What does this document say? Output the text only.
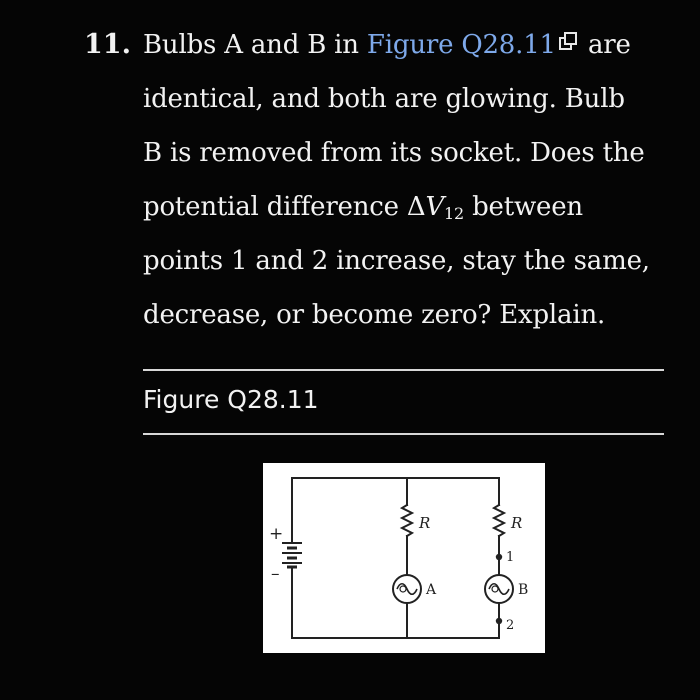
11. Bulbs A and B in Figure Q28.11
are
identical, and both are glowing. Bulb
B is removed from its socket. Does the
potential difference $\Delta V_{12}$ between
points 1 and 2 increase, stay the same,
decrease, or become zero? Explain.
Figure Q28.11
+
–
R	R
A	B
1
2
